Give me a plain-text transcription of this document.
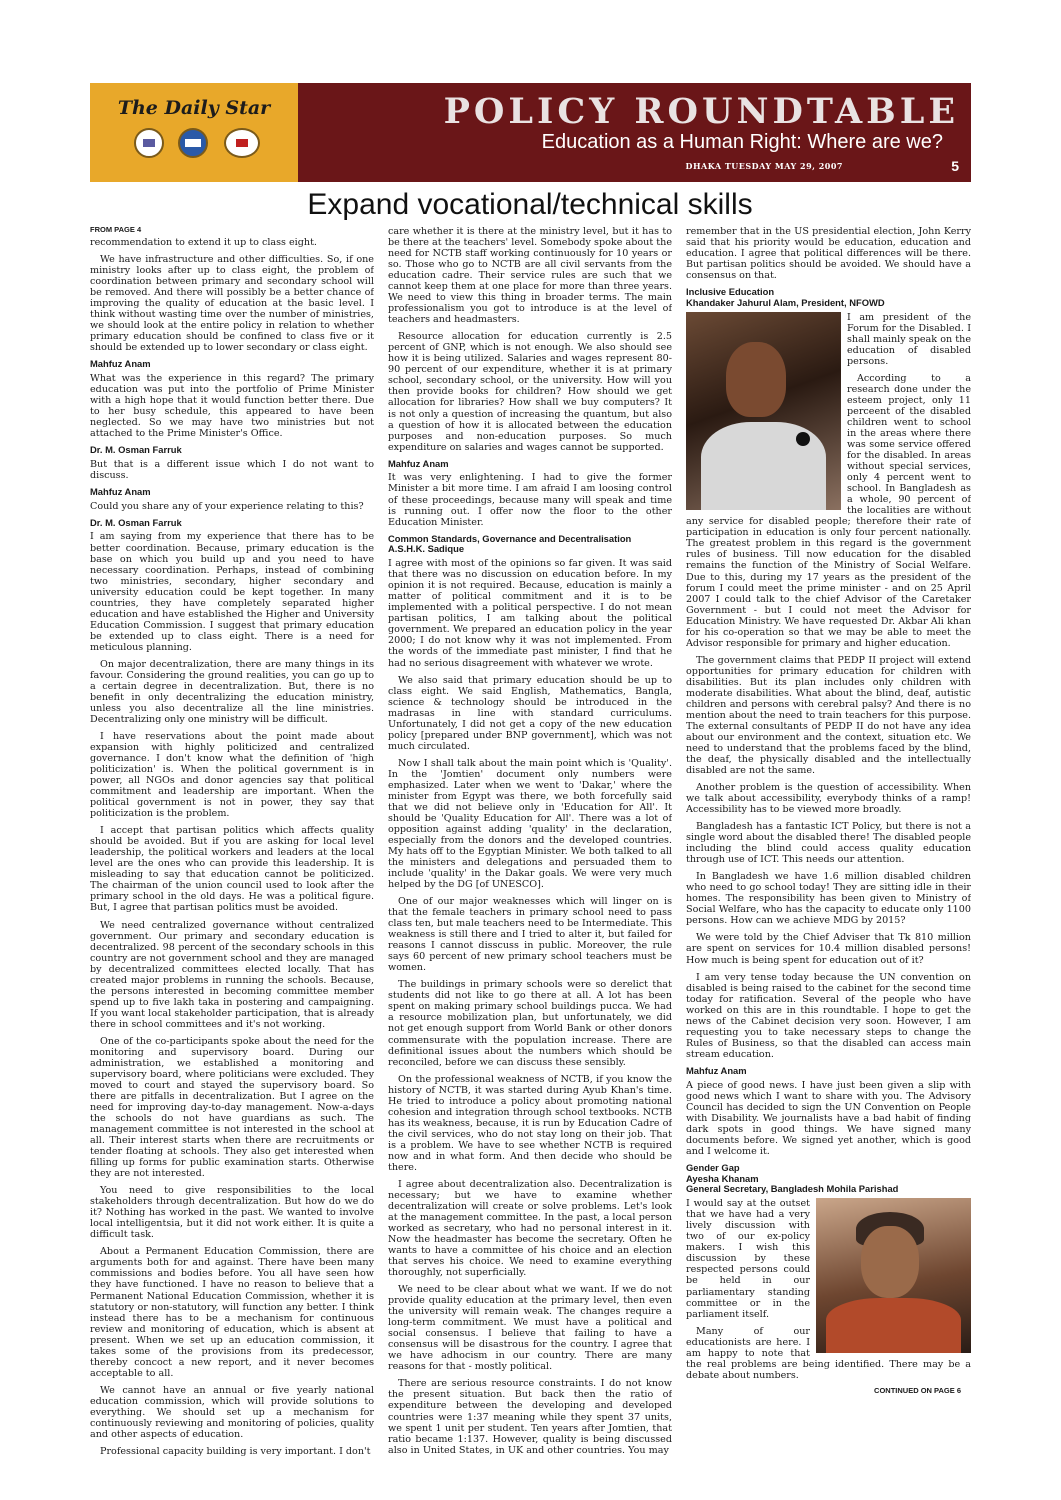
The Daily Star	POLICY ROUNDTABLE
Education as a Human Right: Where are we?
DHAKA TUESDAY MAY 29, 2007	5
Expand vocational/technical skills
FROM PAGE 4

recommendation to extend it up to class eight.

We have infrastructure and other difficulties. So, if one ministry looks after up to class eight, the problem of coordination between primary and secondary school will be removed. And there will possibly be a better chance of improving the quality of education at the basic level. I think without wasting time over the number of ministries, we should look at the entire policy in relation to whether primary education should be confined to class five or it should be extended up to lower secondary or class eight.

Mahfuz Anam

What was the experience in this regard? The primary education was put into the portfolio of Prime Minister with a high hope that it would function better there. Due to her busy schedule, this appeared to have been neglected. So we may have two ministries but not attached to the Prime Minister's Office.

Dr. M. Osman Farruk

But that is a different issue which I do not want to discuss.

Mahfuz Anam

Could you share any of your experience relating to this?

Dr. M. Osman Farruk

I am saying from my experience that there has to be better coordination. Because, primary education is the base on which you build up and you need to have necessary coordination. Perhaps, instead of combining two ministries, secondary, higher secondary and university education could be kept together. In many countries, they have completely separated higher education and have established the Higher and University Education Commission. I suggest that primary education be extended up to class eight. There is a need for meticulous planning.

On major decentralization, there are many things in its favour. Considering the ground realities, you can go up to a certain degree in decentralization. But, there is no benefit in only decentralizing the education ministry, unless you also decentralize all the line ministries. Decentralizing only one ministry will be difficult.

I have reservations about the point made about expansion with highly politicized and centralized governance. I don't know what the definition of 'high politicization' is. When the political government is in power, all NGOs and donor agencies say that political commitment and leadership are important. When the political government is not in power, they say that politicization is the problem.

I accept that partisan politics which affects quality should be avoided. But if you are asking for local level leadership, the political workers and leaders at the local level are the ones who can provide this leadership. It is misleading to say that education cannot be politicized. The chairman of the union council used to look after the primary school in the old days. He was a political figure. But, I agree that partisan politics must be avoided.

We need centralized governance without centralized government. Our primary and secondary education is decentralized. 98 percent of the secondary schools in this country are not government school and they are managed by decentralized committees elected locally. That has created major problems in running the schools. Because, the persons interested in becoming committee member spend up to five lakh taka in postering and campaigning. If you want local stakeholder participation, that is already there in school committees and it's not working.

One of the co-participants spoke about the need for the monitoring and supervisory board. During our administration, we established a monitoring and supervisory board, where politicians were excluded. They moved to court and stayed the supervisory board. So there are pitfalls in decentralization. But I agree on the need for improving day-to-day management. Now-a-days the schools do not have guardians as such. The management committee is not interested in the school at all. Their interest starts when there are recruitments or tender floating at schools. They also get interested when filling up forms for public examination starts. Otherwise they are not interested.

You need to give responsibilities to the local stakeholders through decentralization. But how do we do it? Nothing has worked in the past. We wanted to involve local intelligentsia, but it did not work either. It is quite a difficult task.

About a Permanent Education Commission, there are arguments both for and against. There have been many commissions and bodies before. You all have seen how they have functioned. I have no reason to believe that a Permanent National Education Commission, whether it is statutory or non-statutory, will function any better. I think instead there has to be a mechanism for continuous review and monitoring of education, which is absent at present. When we set up an education commission, it takes some of the provisions from its predecessor, thereby concoct a new report, and it never becomes acceptable to all.

We cannot have an annual or five yearly national education commission, which will provide solutions to everything. We should set up a mechanism for continuously reviewing and monitoring of policies, quality and other aspects of education.

Professional capacity building is very important. I don't

care whether it is there at the ministry level, but it has to be there at the teachers' level. Somebody spoke about the need for NCTB staff working continuously for 10 years or so. Those who go to NCTB are all civil servants from the education cadre. Their service rules are such that we cannot keep them at one place for more than three years. We need to view this thing in broader terms. The main professionalism you got to introduce is at the level of teachers and headmasters.

Resource allocation for education currently is 2.5 percent of GNP, which is not enough. We also should see how it is being utilized. Salaries and wages represent 80-90 percent of our expenditure, whether it is at primary school, secondary school, or the university. How will you then provide books for children? How should we get allocation for libraries? How shall we buy computers? It is not only a question of increasing the quantum, but also a question of how it is allocated between the education purposes and non-education purposes. So much expenditure on salaries and wages cannot be supported.

Mahfuz Anam

It was very enlightening. I had to give the former Minister a bit more time. I am afraid I am loosing control of these proceedings, because many will speak and time is running out. I offer now the floor to the other Education Minister.

Common Standards, Governance and Decentralisation
A.S.H.K. Sadique

I agree with most of the opinions so far given. It was said that there was no discussion on education before. In my opinion it is not required. Because, education is mainly a matter of political commitment and it is to be implemented with a political perspective. I do not mean partisan politics, I am talking about the political government. We prepared an education policy in the year 2000; I do not know why it was not implemented. From the words of the immediate past minister, I find that he had no serious disagreement with whatever we wrote.

We also said that primary education should be up to class eight. We said English, Mathematics, Bangla, science & technology should be introduced in the madrasas in line with standard curriculums. Unfortunately, I did not get a copy of the new education policy [prepared under BNP government], which was not much circulated.

Now I shall talk about the main point which is 'Quality'. In the 'Jomtien' document only numbers were emphasized. Later when we went to 'Dakar,' where the minister from Egypt was there, we both forcefully said that we did not believe only in 'Education for All'. It should be 'Quality Education for All'. There was a lot of opposition against adding 'quality' in the declaration, especially from the donors and the developed countries. My hats off to the Egyptian Minister. We both talked to all the ministers and delegations and persuaded them to include 'quality' in the Dakar goals. We were very much helped by the DG [of UNESCO].

One of our major weaknesses which will linger on is that the female teachers in primary school need to pass class ten, but male teachers need to be Intermediate. This weakness is still there and I tried to alter it, but failed for reasons I cannot disscuss in public. Moreover, the rule says 60 percent of new primary school teachers must be women.

The buildings in primary schools were so derelict that students did not like to go there at all. A lot has been spent on making primary school buildings pucca. We had a resource mobilization plan, but unfortunately, we did not get enough support from World Bank or other donors commensurate with the population increase. There are definitional issues about the numbers which should be reconciled, before we can discuss these sensibly.

On the professional weakness of NCTB, if you know the history of NCTB, it was started during Ayub Khan's time. He tried to introduce a policy about promoting national cohesion and integration through school textbooks. NCTB has its weakness, because, it is run by Education Cadre of the civil services, who do not stay long on their job. That is a problem. We have to see whether NCTB is required now and in what form. And then decide who should be there.

I agree about decentralization also. Decentralization is necessary; but we have to examine whether decentralization will create or solve problems. Let's look at the management committee. In the past, a local person worked as secretary, who had no personal interest in it. Now the headmaster has become the secretary. Often he wants to have a committee of his choice and an election that serves his choice. We need to examine everything thoroughly, not superficially.

We need to be clear about what we want. If we do not provide quality education at the primary level, then even the university will remain weak. The changes require a long-term commitment. We must have a political and social consensus. I believe that failing to have a consensus will be disastrous for the country. I agree that we have adhocism in our country. There are many reasons for that - mostly political.

There are serious resource constraints. I do not know the present situation. But back then the ratio of expenditure between the developing and developed countries were 1:37 meaning while they spent 37 units, we spent 1 unit per student. Ten years after Jomtien, that ratio became 1:137. However, quality is being discussed also in United States, in UK and other countries. You may

remember that in the US presidential election, John Kerry said that his priority would be education, education and education. I agree that political differences will be there. But partisan politics should be avoided. We should have a consensus on that.

Inclusive Education
Khandaker Jahurul Alam, President, NFOWD

I am president of the Forum for the Disabled. I shall mainly speak on the education of disabled persons.

According to a research done under the esteem project, only 11 perceent of the disabled children went to school in the areas where there was some service offered for the disabled. In areas without special services, only 4 percent went to school. In Bangladesh as a whole, 90 percent of the localities are without any service for disabled people; therefore their rate of participation in education is only four percent nationally. The greatest problem in this regard is the government rules of business. Till now education for the disabled remains the function of the Ministry of Social Welfare. Due to this, during my 17 years as the president of the forum I could meet the prime minister - and on 25 April 2007 I could talk to the chief Advisor of the Caretaker Government - but I could not meet the Advisor for Education Ministry. We have requested Dr. Akbar Ali khan for his co-operation so that we may be able to meet the Advisor responsible for primary and higher education.

The government claims that PEDP II project will extend opportunities for primary education for children with disabilities. But its plan includes only children with moderate disabilities. What about the blind, deaf, autistic children and persons with cerebral palsy? And there is no mention about the need to train teachers for this purpose. The external consultants of PEDP II do not have any idea about our environment and the context, situation etc. We need to understand that the problems faced by the blind, the deaf, the physically disabled and the intellectually disabled are not the same.

Another problem is the question of accessibility. When we talk about accessibility, everybody thinks of a ramp! Accessibility has to be viewed more broadly.

Bangladesh has a fantastic ICT Policy, but there is not a single word about the disabled there! The disabled people including the blind could access quality education through use of ICT. This needs our attention.

In Bangladesh we have 1.6 million disabled children who need to go school today! They are sitting idle in their homes. The responsibility has been given to Ministry of Social Welfare, who has the capacity to educate only 1100 persons. How can we achieve MDG by 2015?

We were told by the Chief Adviser that Tk 810 million are spent on services for 10.4 million disabled persons! How much is being spent for education out of it?

I am very tense today because the UN convention on disabled is being raised to the cabinet for the second time today for ratification. Several of the people who have worked on this are in this roundtable. I hope to get the news of the Cabinet decision very soon. However, I am requesting you to take necessary steps to change the Rules of Business, so that the disabled can access main stream education.

Mahfuz Anam

A piece of good news. I have just been given a slip with good news which I want to share with you. The Advisory Council has decided to sign the UN Convention on People with Disability. We journalists have a bad habit of finding dark spots in good things. We have signed many documents before. We signed yet another, which is good and I welcome it.

Gender Gap
Ayesha Khanam
General Secretary, Bangladesh Mohila Parishad

I would say at the outset that we have had a very lively discussion with two of our ex-policy makers. I wish this discussion by these respected persons could be held in our parliamentary standing committee or in the parliament itself.

Many of our educationists are here. I am happy to note that the real problems are being identified. There may be a debate about numbers.

CONTINUED ON PAGE 6
